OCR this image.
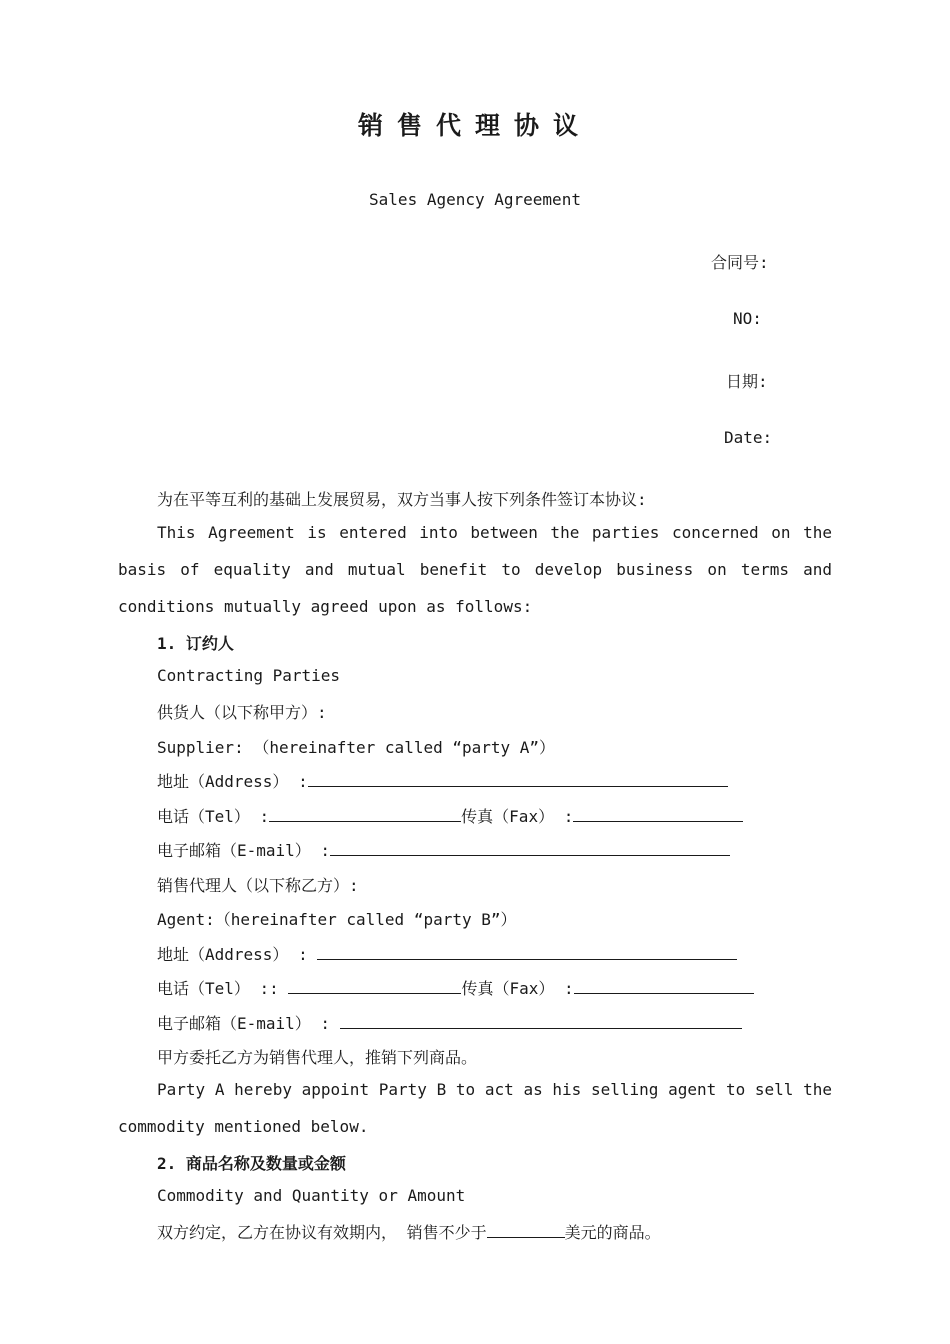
销售代理协议
Sales Agency Agreement
合同号:
NO:
日期:
Date:
为在平等互利的基础上发展贸易，双方当事人按下列条件签订本协议:
This Agreement is entered into between the parties concerned on the basis of equality and mutual benefit to develop business on terms and conditions mutually agreed upon as follows:
1. 订约人
Contracting Parties
供货人（以下称甲方）:
Supplier: （hereinafter called “party A”）
地址（Address） :
电话（Tel） :	传真（Fax） :
电子邮箱（E-mail） :
销售代理人（以下称乙方）:
Agent:（hereinafter called “party B”）
地址（Address） :
电话（Tel） ::	传真（Fax） :
电子邮箱（E-mail） :
甲方委托乙方为销售代理人，推销下列商品。
Party A hereby appoint Party B to act as his selling agent to sell the commodity mentioned below.
2. 商品名称及数量或金额
Commodity and Quantity or Amount
双方约定，乙方在协议有效期内， 销售不少于	美元的商品。
